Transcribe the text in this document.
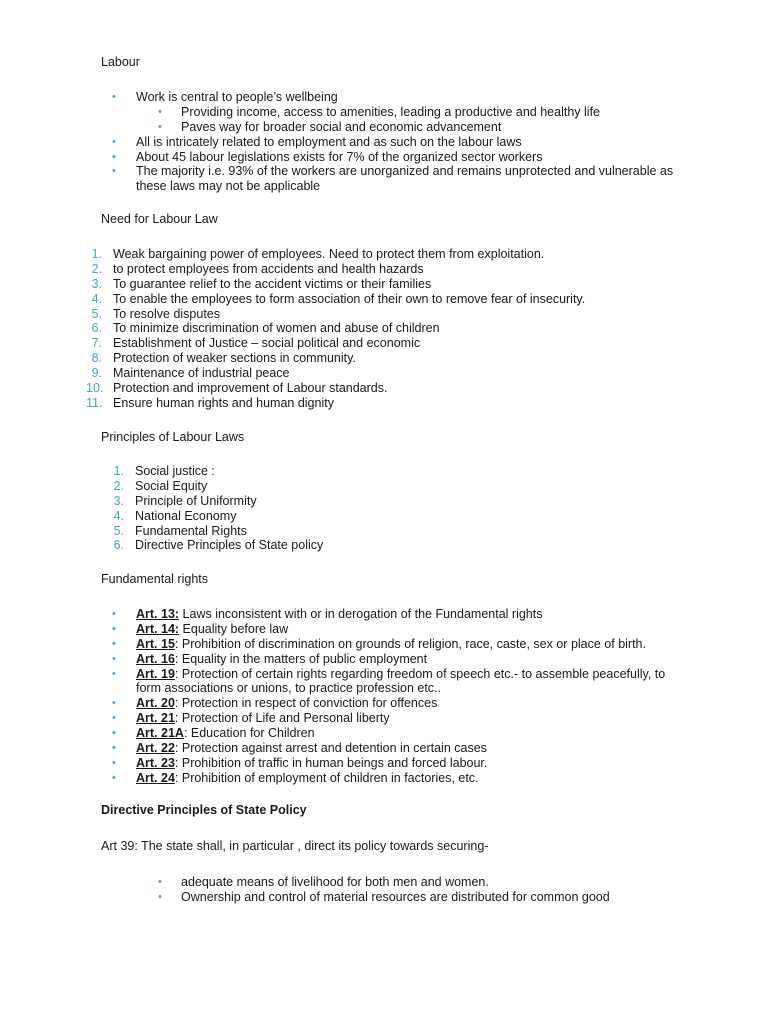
Labour
• Work is central to people’s wellbeing
• Providing income, access to amenities, leading a productive and healthy life
• Paves way for broader social and economic advancement
• All is intricately related to employment and as such on the labour laws
• About 45 labour legislations exists for 7% of the organized sector workers
• The majority i.e. 93% of the workers are unorganized and remains unprotected and vulnerable as these laws may not be applicable
Need for Labour Law
1. Weak bargaining power of employees. Need to protect them from exploitation.
2. to protect employees from accidents and health hazards
3. To guarantee relief to the accident victims or their families
4. To enable the employees to form association of their own to remove fear of insecurity.
5. To resolve disputes
6. To minimize discrimination of women and abuse of children
7. Establishment of Justice – social political and economic
8. Protection of weaker sections in community.
9. Maintenance of industrial peace
10. Protection and improvement of Labour standards.
11. Ensure human rights and human dignity
Principles of Labour Laws
1. Social justice :
2. Social Equity
3. Principle of Uniformity
4. National Economy
5. Fundamental Rights
6. Directive Principles of State policy
Fundamental rights
• Art. 13: Laws inconsistent with or in derogation of the Fundamental rights
• Art. 14: Equality before law
• Art. 15: Prohibition of discrimination on grounds of religion, race, caste, sex or place of birth.
• Art. 16: Equality in the matters of public employment
• Art. 19: Protection of certain rights regarding freedom of speech etc.- to assemble peacefully, to form associations or unions, to practice profession etc..
• Art. 20: Protection in respect of conviction for offences
• Art. 21: Protection of Life and Personal liberty
• Art. 21A: Education for Children
• Art. 22: Protection against arrest and detention in certain cases
• Art. 23: Prohibition of traffic in human beings and forced labour.
• Art. 24: Prohibition of employment of children in factories, etc.
Directive Principles of State Policy
Art 39: The state shall, in particular , direct its policy towards securing-
• adequate means of livelihood for both men and women.
• Ownership and control of material resources are distributed for common good
